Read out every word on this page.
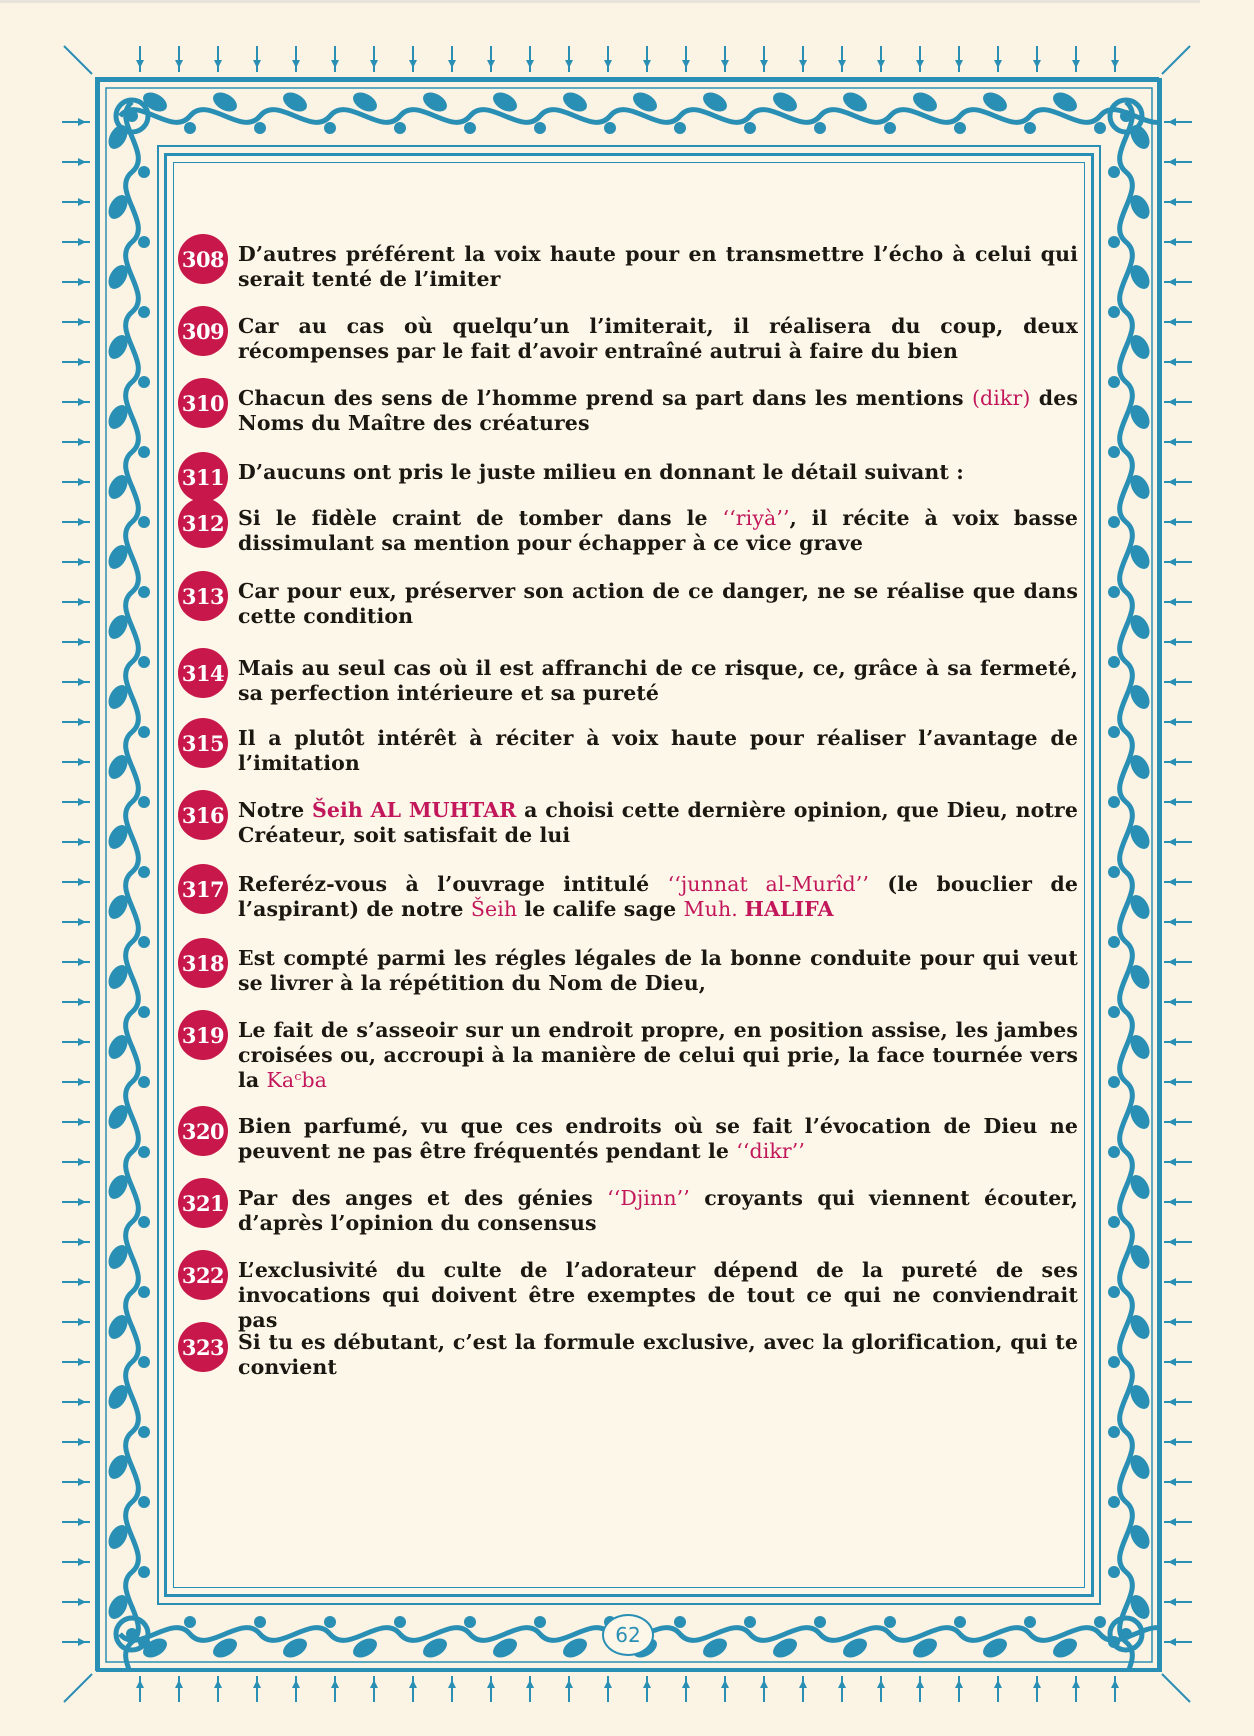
308 D’autres préférent la voix haute pour en transmettre l’écho à celui qui serait tenté de l’imiter
309 Car au cas où quelqu’un l’imiterait, il réalisera du coup, deux récompenses par le fait d’avoir entraîné autrui à faire du bien
310 Chacun des sens de l’homme prend sa part dans les mentions (dikr) des Noms du Maître des créatures
311 D’aucuns ont pris le juste milieu en donnant le détail suivant :
312 Si le fidèle craint de tomber dans le ‘‘riyà’’, il récite à voix basse dissimulant sa mention pour échapper à ce vice grave
313 Car pour eux, préserver son action de ce danger, ne se réalise que dans cette condition
314 Mais au seul cas où il est affranchi de ce risque, ce, grâce à sa fermeté, sa perfection intérieure et sa pureté
315 Il a plutôt intérêt à réciter à voix haute pour réaliser l’avantage de l’imitation
316 Notre Šeih AL MUHTAR a choisi cette dernière opinion, que Dieu, notre Créateur, soit satisfait de lui
317 Referéz-vous à l’ouvrage intitulé ‘‘junnat al-Murîd’’ (le bouclier de l’aspirant) de notre Šeih le calife sage Muh. HALIFA
318 Est compté parmi les régles légales de la bonne conduite pour qui veut se livrer à la répétition du Nom de Dieu,
319 Le fait de s’asseoir sur un endroit propre, en position assise, les jambes croisées ou, accroupi à la manière de celui qui prie, la face tournée vers la Kaᶜba
320 Bien parfumé, vu que ces endroits où se fait l’évocation de Dieu ne peuvent ne pas être fréquentés pendant le ‘‘dikr’’
321 Par des anges et des génies ‘‘Djinn’’ croyants qui viennent écouter, d’après l’opinion du consensus
322 L’exclusivité du culte de l’adorateur dépend de la pureté de ses invocations qui doivent être exemptes de tout ce qui ne conviendrait pas
323 Si tu es débutant, c’est la formule exclusive, avec la glorification, qui te convient
62
